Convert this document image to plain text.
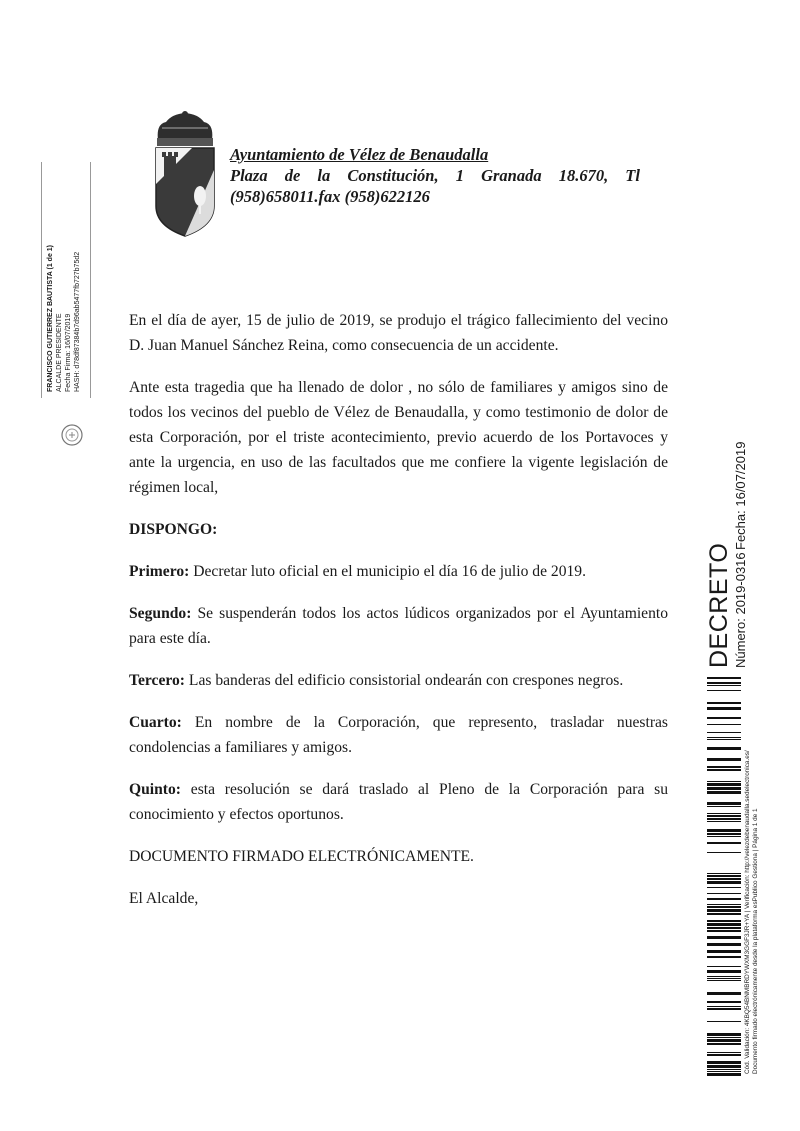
Ayuntamiento de Vélez de Benaudalla
Plaza de la Constitución, 1 Granada 18.670, Tl
(958)658011.fax (958)622126

En el día de ayer, 15 de julio de 2019, se produjo el trágico fallecimiento del vecino D. Juan Manuel Sánchez Reina, como consecuencia de un accidente.

Ante esta tragedia que ha llenado de dolor , no sólo de familiares y amigos sino de todos los vecinos del pueblo de Vélez de Benaudalla, y como testimonio de dolor de esta Corporación, por el triste acontecimiento, previo acuerdo de los Portavoces y ante la urgencia, en uso de las facultados que me confiere la vigente legislación de régimen local,

DISPONGO:

Primero: Decretar luto oficial en el municipio el día 16 de julio de 2019.

Segundo: Se suspenderán todos los actos lúdicos organizados por el Ayuntamiento para este día.

Tercero: Las banderas del edificio consistorial ondearán con crespones negros.

Cuarto: En nombre de la Corporación, que represento, trasladar nuestras condolencias a familiares y amigos.

Quinto: esta resolución se dará traslado al Pleno de la Corporación para su conocimiento y efectos oportunos.

DOCUMENTO FIRMADO ELECTRÓNICAMENTE.

El Alcalde,

FRANCISCO GUTIERREZ BAUTISTA (1 de 1) ALCALDE PRESIDENTE Fecha Firma: 16/07/2019 HASH: d78df87384b7d96ab5477fb727b75d2
DECRETO Número: 2019-0316
Fecha: 16/07/2019
Cód. Validación: 4KBQ54BNMBRDYWXM3GGF3JR+YA | Verificación: http://velezdebenaudalla.sedelectronica.es/ Documento firmado electrónicamente desde la plataforma esPublico Gestiona | Página 1 de 1
